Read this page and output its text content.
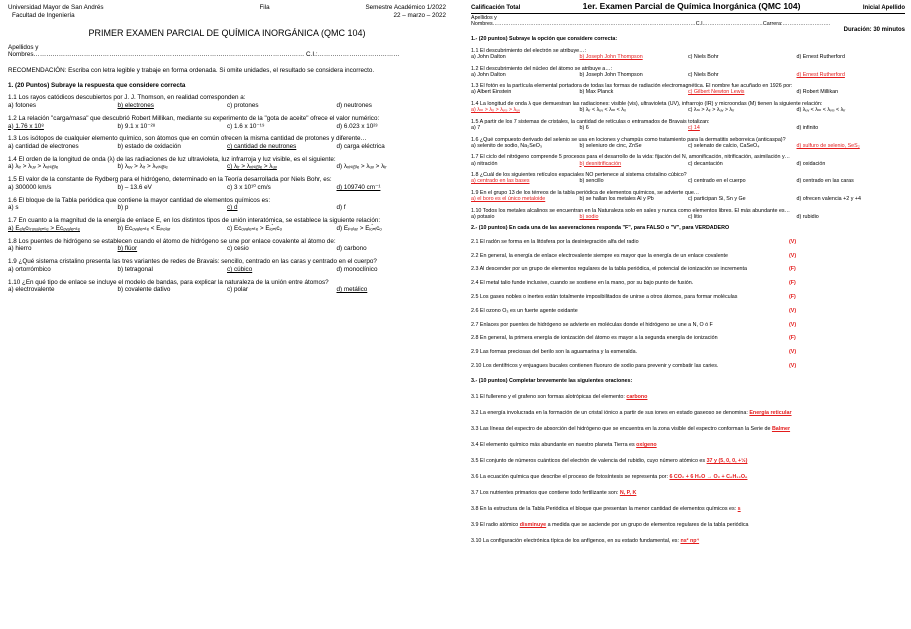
Universidad Mayor de San Andrés
Facultad de Ingeniería
Fila	Semestre Académico 1/2022
22 – marzo – 2022
PRIMER EXAMEN PARCIAL DE QUÍMICA INORGÁNICA (QMC 104)
Apellidos y
Nombres………………………………………………………………………………………………………………… C.I.:…………………………………
RECOMENDACIÓN: Escriba con letra legible y trabaje en forma ordenada. Si omite unidades, el resultado se considera incorrecto.
1. (20 Puntos) Subraye la respuesta que considere correcta
1.1 Los rayos catódicos descubiertos por J. J. Thomson, en realidad corresponden a:
a) fotones	b) electrones	c) protones	d) neutrones
1.2 La relación "carga/masa" que descubrió Robert Millikan, mediante su experimento de la "gota de aceite" ofrece el valor numérico:
a) 1.76 x 10⁸	b) 9.1 x 10⁻²⁸	c) 1.6 x 10⁻¹⁹	d) 6.023 x 10²³
1.3 Los isótopos de cualquier elemento químico, son átomos que en común ofrecen la misma cantidad de protones y diferente…
a) cantidad de electrones	b) estado de oxidación	c) cantidad de neutrones	d) carga eléctrica
1.4 El orden de la longitud de onda (λ) de las radiaciones de luz ultravioleta, luz infrarroja y luz visible, es el siguiente:
a) λᵢᵣ > λᵤᵥ > λᵥᵢₛᵢᵦₗₑ	b) λᵤᵥ > λᵢᵣ > λᵥᵢₛᵢᵦₗₑ	c) λᵢᵣ > λᵥᵢₛᵢᵦₗₑ > λᵤᵥ	d) λᵥᵢₛᵢᵦₗₑ > λᵤᵥ > λᵢᵣ
1.5 El valor de la constante de Rydberg para el hidrógeno, determinado en la Teoría desarrollada por Niels Bohr, es:
a) 300000 km/s	b) – 13.6 eV	c) 3 x 10¹⁰ cm/s	d) 109740 cm⁻¹
1.6 El bloque de la Tabla periódica que contiene la mayor cantidad de elementos químicos es:
a) s	b) p	c) d	d) f
1.7 En cuanto a la magnitud de la energía de enlace E, en los distintos tipos de unión interatómica, se establece la siguiente relación:
a) Eₑₗₑcₜᵣₒᵥₐₗₑₙₜₑ > Eᴄₒᵥₐₗₑₙₜₑ	b) Eᴄₒᵥₐₗₑₙₜₑ < Eₚₒₗₐᵣ	c) Eᴄₒᵥₐₗₑₙₜₑ > Eᵢₒ́ₙᵢcₒ	d) Eₚₒₗₐᵣ > Eᵢₒ́ₙᵢcₒ
1.8 Los puentes de hidrógeno se establecen cuando el átomo de hidrógeno se une por enlace covalente al átomo de:
a) hierro	b) flúor	c) cesio	d) carbono
1.9 ¿Qué sistema cristalino presenta las tres variantes de redes de Bravais: sencillo, centrado en las caras y centrado en el cuerpo?
a) ortorrómbico	b) tetragonal	c) cúbico	d) monoclínico
1.10 ¿En qué tipo de enlace se incluye el modelo de bandas, para explicar la naturaleza de la unión entre átomos?
a) electrovalente	b) covalente dativo	c) polar	d) metálico
Calificación Total	1er. Examen Parcial de Química Inorgánica (QMC 104)	Inicial Apellido
Apellidos y
Nombres……………………………………………………………………………………………………C.I.……………………………Carrera:………………………
Duración: 30 minutos
1.- (20 puntos) Subraye la opción que considere correcta:
1.1 El descubrimiento del electrón se atribuye…:
a) John Dalton	b) Joseph John Thompson	c) Niels Bohr	d) Ernest Rutherford
1.2 El descubrimiento del núcleo del átomo se atribuye a…:
a) John Dalton	b) Joseph John Thompson	c) Niels Bohr	d) Ernest Rutherford
1.3 El fotón es la partícula elemental portadora de todas las formas de radiación electromagnética. El nombre fue acuñado en 1926 por:
a) Albert Einstein	b) Max Planck	c) Gilbert Newton Lewis	d) Robert Millikan
1.4 La longitud de onda λ que demuestran las radiaciones: visible (vis), ultravioleta (UV), infrarrojo (IR) y microondas (M) tienen la siguiente relación:
a) λₘ > λᵢᵣ > λᵥᵢₛ > λᵤᵥ	b) λᵢᵣ < λᵤᵥ < λₘ < λᵢᵣ	c) λₘ > λᵢᵣ > λᵤᵥ > λᵢᵣ	d) λᵤᵥ < λₘ < λᵥᵢₛ < λᵢᵣ
1.5 A partir de los 7 sistemas de cristales, la cantidad de retículas o entramados de Bravais totalizan:
a) 7	b) 6	c) 14	d) infinito
1.6 ¿Qué compuesto derivado del selenio se usa en lociones y champús como tratamiento para la dermatitis seborreica (anticaspa)?
a) selenito de sodio, Na₂SeO₃	b) seleniuro de cinc, ZnSe	c) selenato de calcio, CaSeO₄	d) sulfuro de selenio, SeS₂
1.7 El ciclo del nitrógeno comprende 5 procesos para el desarrollo de la vida: fijación del N, amonificación, nitrificación, asimilación y…
a) nitración	b) desnitrificación	c) decantación	d) oxidación
1.8 ¿Cuál de los siguientes retículos espaciales NO pertenece al sistema cristalino cúbico?
a) centrado en las bases	b) sencillo	c) centrado en el cuerpo	d) centrado en las caras
1.9 En el grupo 13 de los térreos de la tabla periódica de elementos químicos, se advierte que…
a) el boro es el único metaloide	b) se hallan los metales Al y Pb	c) participan Si, Sn y Ge	d) ofrecen valencia +2 y +4
1.10 Todos los metales alcalinos se encuentran en la Naturaleza solo en sales y nunca como elementos libres. El más abundante es…
a) potasio	b) sodio	c) litio	d) rubidio
2.- (10 puntos) En cada una de las aseveraciones responda "F", para FALSO o "V", para VERDADERO
2.1 El radón se forma en la litósfera por la desintegración alfa del radio	(V)
2.2 En general, la energía de enlace electrovalente siempre es mayor que la energía de un enlace covalente	(V)
2.3 Al descender por un grupo de elementos regulares de la tabla periódica, el potencial de ionización se incrementa	(F)
2.4 El metal talio funde inclusive, cuando se sostiene en la mano, por su bajo punto de fusión.	(F)
2.5 Los gases nobles o inertes están totalmente imposibilitados de unirse a otros átomos, para formar moléculas	(F)
2.6 El ozono O₃ es un fuerte agente oxidante	(V)
2.7 Enlaces por puentes de hidrógeno se advierte en moléculas donde el hidrógeno se une a N, O ó F	(V)
2.8 En general, la primera energía de ionización del átomo es mayor a la segunda energía de ionización	(F)
2.9 Las formas preciosas del berilo son la aguamarina y la esmeralda.	(V)
2.10 Los dentífricos y enjuagues bucales contienen fluoruro de sodio para prevenir y combatir las caries.	(V)
3.- (10 puntos) Completar brevemente las siguientes oraciones:
3.1 El fullereno y el grafeno son formas alotrópicas del elemento: carbono
3.2 La energía involucrada en la formación de un cristal iónico a partir de sus iones en estado gaseoso se denomina: Energía reticular
3.3 Las líneas del espectro de absorción del hidrógeno que se encuentra en la zona visible del espectro conforman la Serie de Balmer
3.4 El elemento químico más abundante en nuestro planeta Tierra es oxígeno
3.5 El conjunto de números cuánticos del electrón de valencia del rubidio, cuyo número atómico es 37 y (5, 0, 0, +½)
3.6 La ecuación química que describe el proceso de fotosíntesis se representa por: 6 CO₂ + 6 H₂O → O₂ + C₆H₁₂O₆
3.7 Los nutrientes primarios que contiene todo fertilizante son: N, P, K
3.8 En la estructura de la Tabla Periódica el bloque que presentan la menor cantidad de elementos químicos es: s
3.9 El radio atómico disminuye a medida que se asciende por un grupo de elementos regulares de la tabla periódica
3.10 La configuración electrónica típica de los anfígenos, en su estado fundamental, es: ns² np⁴
